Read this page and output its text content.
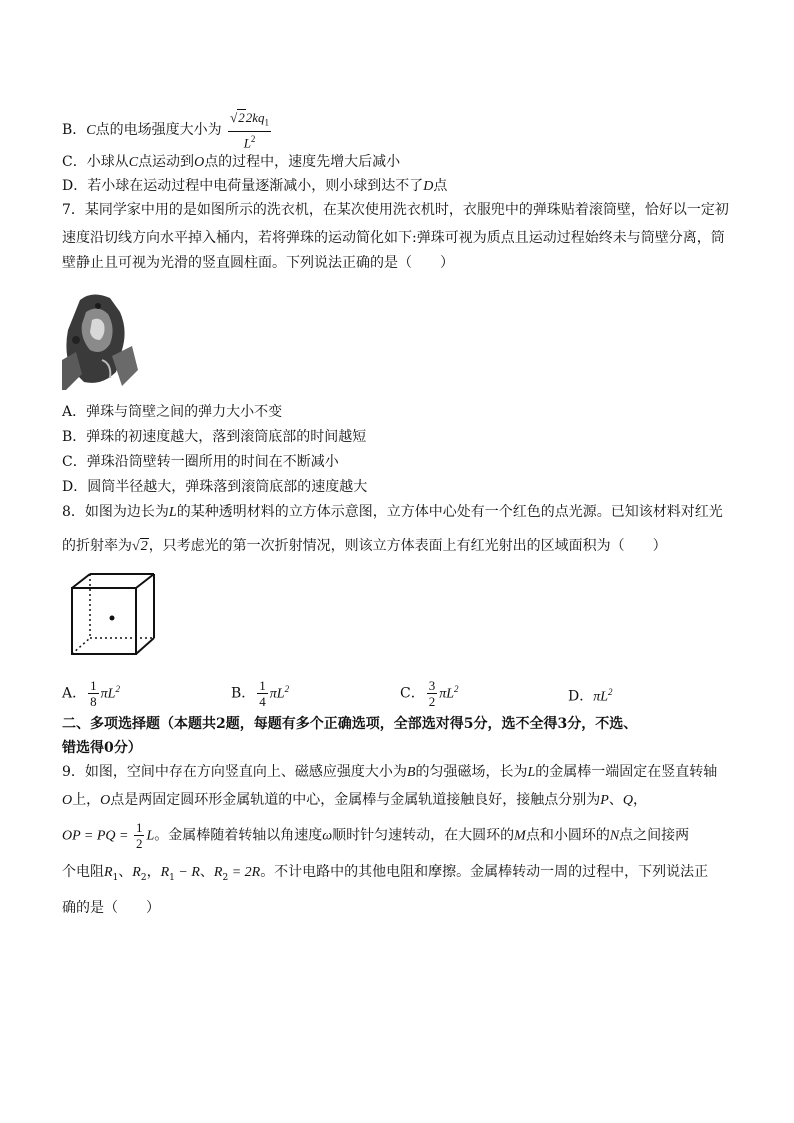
B．C点的电场强度大小为 $\frac{√22kq_1}{L^2}$
C．小球从C点运动到O点的过程中，速度先增大后减小
D．若小球在运动过程中电荷量逐渐减小，则小球到达不了D点
7．某同学家中用的是如图所示的洗衣机，在某次使用洗衣机时，衣服兜中的弹珠贴着滚筒壁，恰好以一定初
速度沿切线方向水平掉入桶内，若将弹珠的运动简化如下:弹珠可视为质点且运动过程始终未与筒壁分离，筒
壁静止且可视为光滑的竖直圆柱面。下列说法正确的是（　　）
A．弹珠与筒壁之间的弹力大小不变
B．弹珠的初速度越大，落到滚筒底部的时间越短
C．弹珠沿筒壁转一圈所用的时间在不断减小
D．圆筒半径越大，弹珠落到滚筒底部的速度越大
8．如图为边长为L的某种透明材料的立方体示意图，立方体中心处有一个红色的点光源。已知该材料对红光
的折射率为√2，只考虑光的第一次折射情况，则该立方体表面上有红光射出的区域面积为（　　）
A． $\frac{1}{8} \pi L^2$	B． $\frac{1}{4} \pi L^2$	C． $\frac{3}{2} \pi L^2$	D．$\pi L^2$
二、多项选择题（本题共2题，每题有多个正确选项，全部选对得5分，选不全得3分，不选、
错选得0分）
9．如图，空间中存在方向竖直向上、磁感应强度大小为B的匀强磁场，长为L的金属棒一端固定在竖直转轴
O上，O点是两固定圆环形金属轨道的中心，金属棒与金属轨道接触良好，接触点分别为P、Q，
OP = PQ = $\frac{1}{2}$ L。金属棒随着转轴以角速度ω顺时针匀速转动，在大圆环的M点和小圆环的N点之间接两
个电阻$R_1$、$R_2$，$R_1 - R$、$R_2 = 2R$。不计电路中的其他电阻和摩擦。金属棒转动一周的过程中，下列说法正
确的是（　　）
